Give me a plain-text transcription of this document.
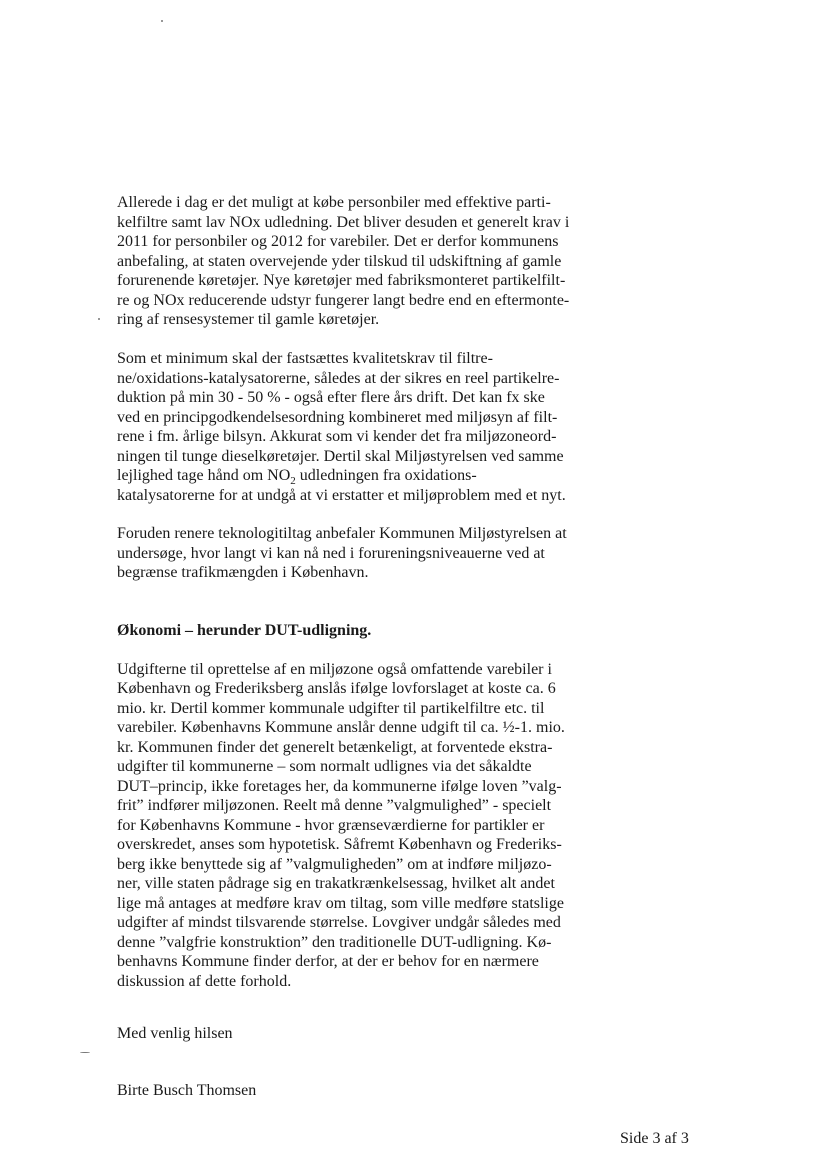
Allerede i dag er det muligt at købe personbiler med effektive parti-
kelfiltre samt lav NOx udledning. Det bliver desuden et generelt krav i
2011 for personbiler og 2012 for varebiler. Det er derfor kommunens
anbefaling, at staten overvejende yder tilskud til udskiftning af gamle
forurenende køretøjer. Nye køretøjer med fabriksmonteret partikelfilt-
re og NOx reducerende udstyr fungerer langt bedre end en eftermonte-
ring af rensesystemer til gamle køretøjer.
Som et minimum skal der fastsættes kvalitetskrav til filtre-
ne/oxidations-katalysatorerne, således at der sikres en reel partikelre-
duktion på min 30 - 50 % - også efter flere års drift. Det kan fx ske
ved en principgodkendelsesordning kombineret med miljøsyn af filt-
rene i fm. årlige bilsyn. Akkurat som vi kender det fra miljøzoneord-
ningen til tunge dieselkøretøjer. Dertil skal Miljøstyrelsen ved samme
lejlighed tage hånd om $NO_2$ udledningen fra oxidations-
katalysatorerne for at undgå at vi erstatter et miljøproblem med et nyt.
Foruden renere teknologitiltag anbefaler Kommunen Miljøstyrelsen at
undersøge, hvor langt vi kan nå ned i forureningsniveauerne ved at
begrænse trafikmængden i København.
Økonomi – herunder DUT-udligning.
Udgifterne til oprettelse af en miljøzone også omfattende varebiler i
København og Frederiksberg anslås ifølge lovforslaget at koste ca. 6
mio. kr. Dertil kommer kommunale udgifter til partikelfiltre etc. til
varebiler. Københavns Kommune anslår denne udgift til ca. ½-1. mio.
kr. Kommunen finder det generelt betænkeligt, at forventede ekstra-
udgifter til kommunerne – som normalt udlignes via det såkaldte
DUT–princip, ikke foretages her, da kommunerne ifølge loven ”valg-
frit” indfører miljøzonen. Reelt må denne ”valgmulighed” - specielt
for Københavns Kommune - hvor grænseværdierne for partikler er
overskredet, anses som hypotetisk. Såfremt København og Frederiks-
berg ikke benyttede sig af ”valgmuligheden” om at indføre miljøzo-
ner, ville staten pådrage sig en trakatkrænkelsessag, hvilket alt andet
lige må antages at medføre krav om tiltag, som ville medføre statslige
udgifter af mindst tilsvarende størrelse. Lovgiver undgår således med
denne ”valgfrie konstruktion” den traditionelle DUT-udligning. Kø-
benhavns Kommune finder derfor, at der er behov for en nærmere
diskussion af dette forhold.
Med venlig hilsen
Birte Busch Thomsen
Side 3 af 3
